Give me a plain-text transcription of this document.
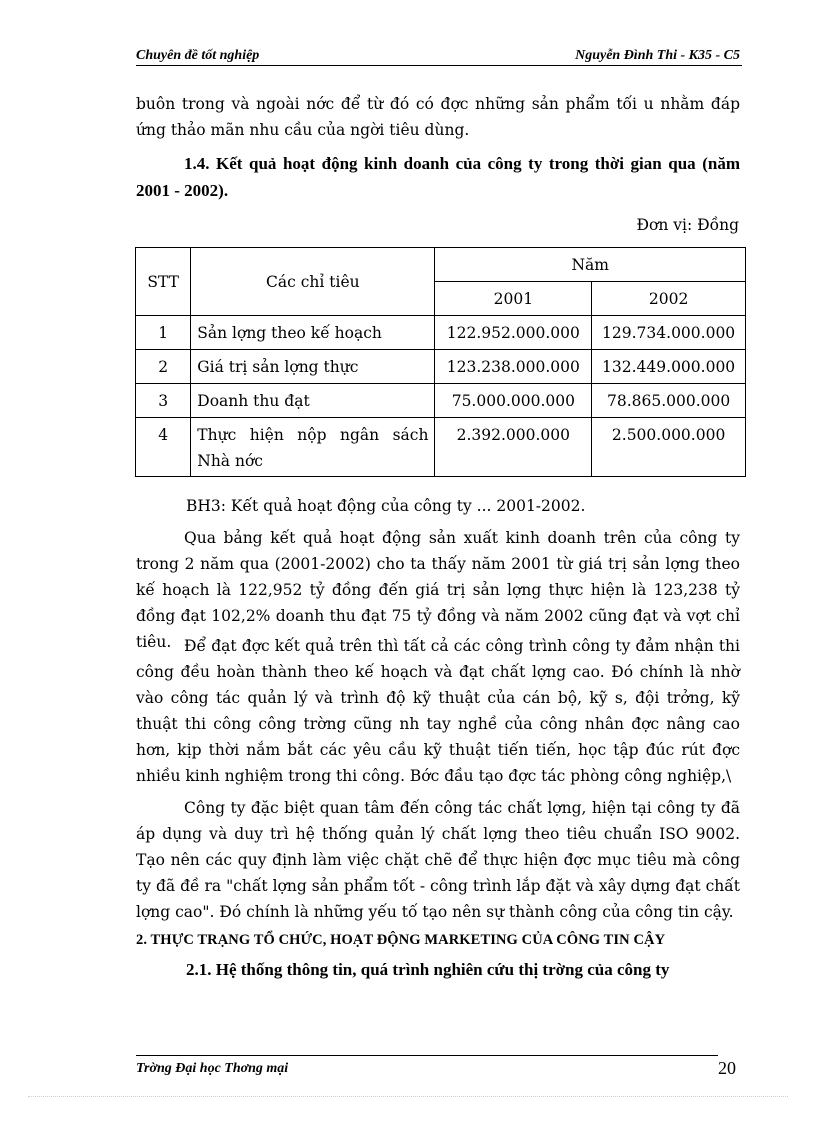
Chuyên đề tốt nghiệp	Nguyễn Đình Thi - K35 - C5

buôn trong và ngoài nớc để từ đó có đợc những sản phẩm tối u nhằm đáp ứng thảo mãn nhu cầu của ngời tiêu dùng.

1.4. Kết quả hoạt động kinh doanh của công ty trong thời gian qua (năm 2001 - 2002).

Đơn vị: Đồng
STT	Các chỉ tiêu	Năm	
		2001	2002
1	Sản lợng theo kế hoạch	122.952.000.000	129.734.000.000
2	Giá trị sản lợng thực	123.238.000.000	132.449.000.000
3	Doanh thu đạt	75.000.000.000	78.865.000.000
4	Thực hiện nộp ngân sách Nhà nớc	2.392.000.000	2.500.000.000
BH3: Kết quả hoạt động của công ty ... 2001-2002.

Qua bảng kết quả hoạt động sản xuất kinh doanh trên của công ty trong 2 năm qua (2001-2002) cho ta thấy năm 2001 từ giá trị sản lợng theo kế hoạch là 122,952 tỷ đồng đến giá trị sản lợng thực hiện là 123,238 tỷ đồng đạt 102,2% doanh thu đạt 75 tỷ đồng và năm 2002 cũng đạt và vợt chỉ tiêu. Để đạt đợc kết quả trên thì tất cả các công trình công ty đảm nhận thi công đều hoàn thành theo kế hoạch và đạt chất lợng cao. Đó chính là nhờ vào công tác quản lý và trình độ kỹ thuật của cán bộ, kỹ s, đội trởng, kỹ thuật thi công công trờng cũng nh tay nghề của công nhân đợc nâng cao hơn, kịp thời nắm bắt các yêu cầu kỹ thuật tiến tiến, học tập đúc rút đợc nhiều kinh nghiệm trong thi công. Bớc đầu tạo đợc tác phòng công nghiệp,\

Công ty đặc biệt quan tâm đến công tác chất lợng, hiện tại công ty đã áp dụng và duy trì hệ thống quản lý chất lợng theo tiêu chuẩn ISO 9002. Tạo nên các quy định làm việc chặt chẽ để thực hiện đợc mục tiêu mà công ty đã đề ra "chất lợng sản phẩm tốt - công trình lắp đặt và xây dựng đạt chất lợng cao". Đó chính là những yếu tố tạo nên sự thành công của công tin cậy.

2. THỰC TRẠNG TỔ CHỨC, HOẠT ĐỘNG MARKETING CỦA CÔNG TIN CẬY
2.1. Hệ thống thông tin, quá trình nghiên cứu thị trờng của công ty
Trờng Đại học Thơng mại	20
